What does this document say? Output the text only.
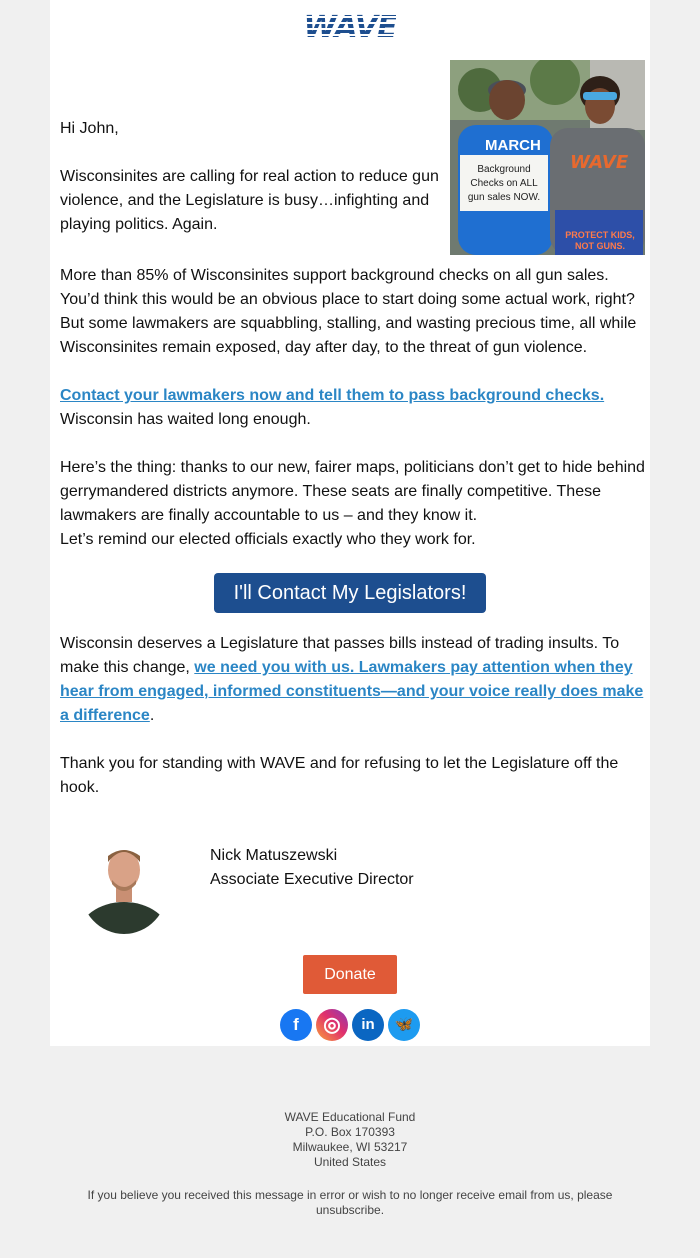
WAVE
MARCH
WAVE
Background
Checks on ALL
gun sales NOW.
PROTECT KIDS,
NOT GUNS.
Hi John,
Wisconsinites are calling for real action to reduce gun violence, and the Legislature is busy…infighting and playing politics. Again.
More than 85% of Wisconsinites support background checks on all gun sales. You’d think this would be an obvious place to start doing some actual work, right? But some lawmakers are squabbling, stalling, and wasting precious time, all while Wisconsinites remain exposed, day after day, to the threat of gun violence.
Contact your lawmakers now and tell them to pass background checks.
Wisconsin has waited long enough.
Here’s the thing: thanks to our new, fairer maps, politicians don’t get to hide behind gerrymandered districts anymore. These seats are finally competitive. These lawmakers are finally accountable to us – and they know it.
Let’s remind our elected officials exactly who they work for.
I'll Contact My Legislators!
Wisconsin deserves a Legislature that passes bills instead of trading insults. To make this change, we need you with us. Lawmakers pay attention when they hear from engaged, informed constituents—and your voice really does make a difference.
Thank you for standing with WAVE and for refusing to let the Legislature off the hook.
Nick Matuszewski
Associate Executive Director
Donate
f	◎	in	🦋
WAVE Educational Fund
P.O. Box 170393
Milwaukee, WI 53217
United States
If you believe you received this message in error or wish to no longer receive email from us, please unsubscribe.
